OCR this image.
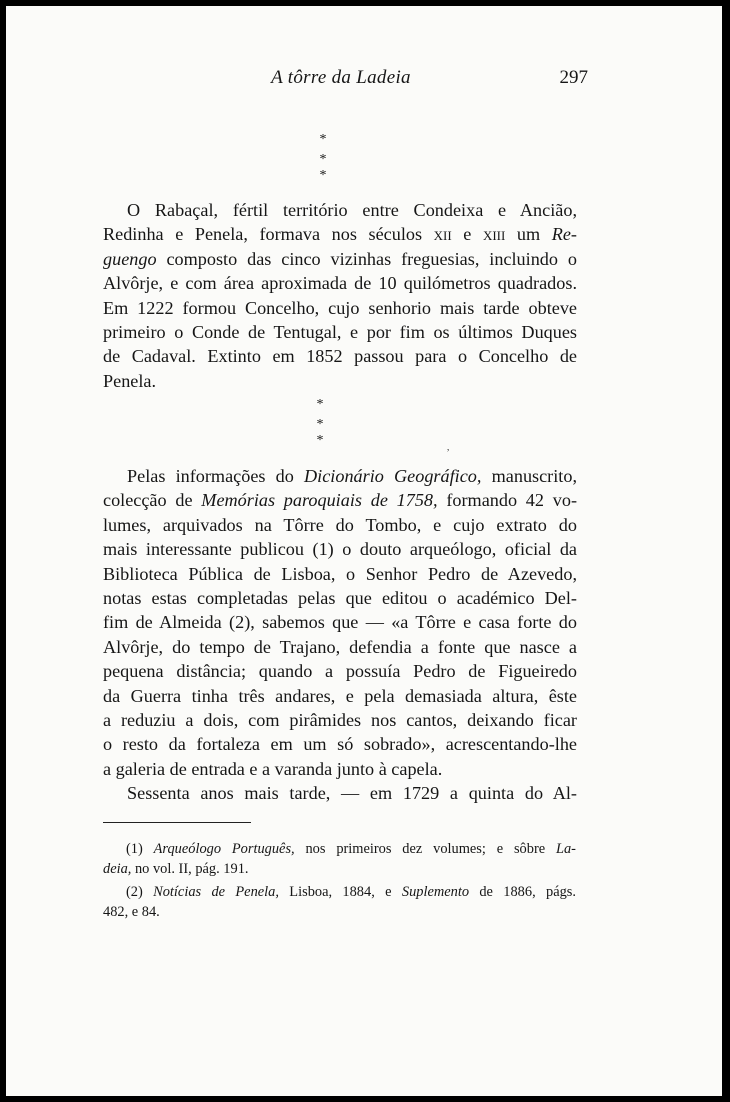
A tôrre da Ladeia	297
*
* *
O Rabaçal, fértil território entre Condeixa e Ancião,
Redinha e Penela, formava nos séculos xii e xiii um Re-
guengo composto das cinco vizinhas freguesias, incluindo o
Alvôrje, e com área aproximada de 10 quilómetros quadrados.
Em 1222 formou Concelho, cujo senhorio mais tarde obteve
primeiro o Conde de Tentugal, e por fim os últimos Duques
de Cadaval. Extinto em 1852 passou para o Concelho de
Penela.
*
* *	,
Pelas informações do Dicionário Geográfico, manuscrito,
colecção de Memórias paroquiais de 1758, formando 42 vo-
lumes, arquivados na Tôrre do Tombo, e cujo extrato do
mais interessante publicou (1) o douto arqueólogo, oficial da
Biblioteca Pública de Lisboa, o Senhor Pedro de Azevedo,
notas estas completadas pelas que editou o académico Del-
fim de Almeida (2), sabemos que — «a Tôrre e casa forte do
Alvôrje, do tempo de Trajano, defendia a fonte que nasce a
pequena distância; quando a possuía Pedro de Figueiredo
da Guerra tinha três andares, e pela demasiada altura, êste
a reduziu a dois, com pirâmides nos cantos, deixando ficar
o resto da fortaleza em um só sobrado», acrescentando-lhe
a galeria de entrada e a varanda junto à capela.
Sessenta anos mais tarde, — em 1729 a quinta do Al-

(1) Arqueólogo Português, nos primeiros dez volumes; e sôbre La-
deia, no vol. II, pág. 191.

(2) Notícias de Penela, Lisboa, 1884, e Suplemento de 1886, págs.
482, e 84.
